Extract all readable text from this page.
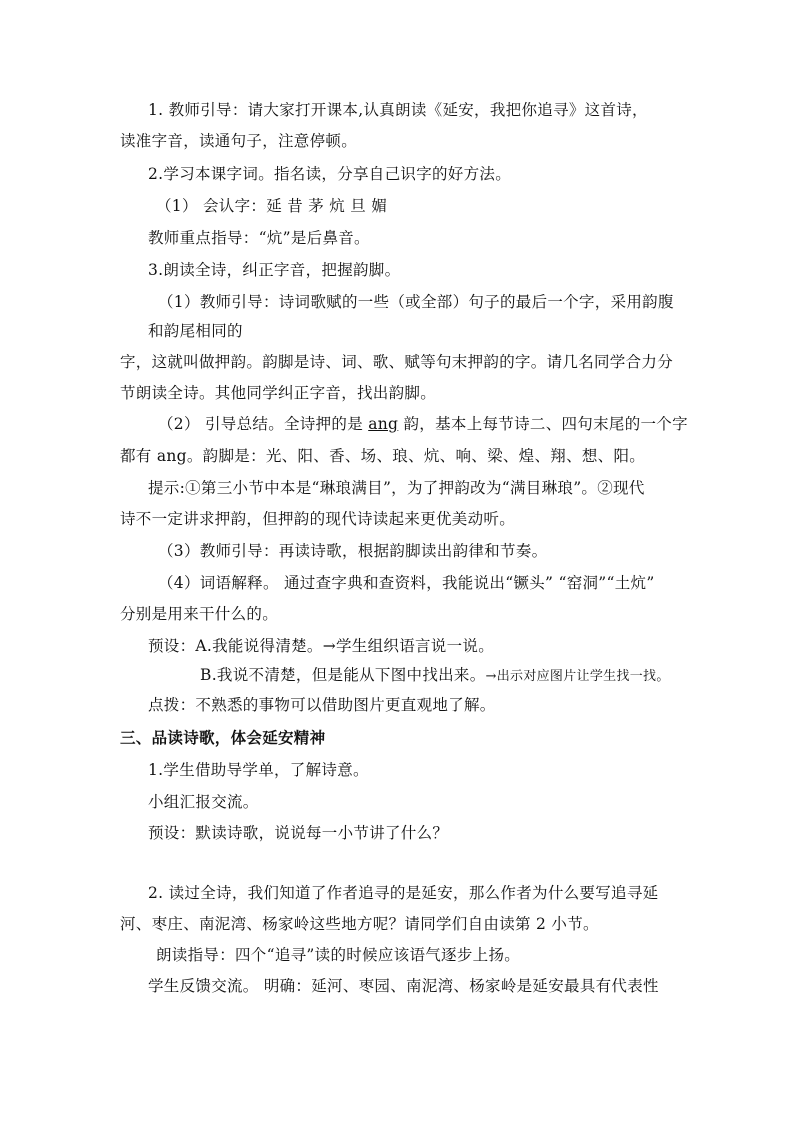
1. 教师引导：请大家打开课本,认真朗读《延安，我把你追寻》这首诗，
读准字音，读通句子，注意停顿。
2.学习本课字词。指名读，分享自己识字的好方法。
（1） 会认字：延 昔 茅 炕 旦 媚
教师重点指导：“炕”是后鼻音。
3.朗读全诗，纠正字音，把握韵脚。
（1）教师引导：诗词歌赋的一些（或全部）句子的最后一个字，采用韵腹
和韵尾相同的
字，这就叫做押韵。韵脚是诗、词、歌、赋等句末押韵的字。请几名同学合力分
节朗读全诗。其他同学纠正字音，找出韵脚。
（2） 引导总结。全诗押的是 ang 韵，基本上每节诗二、四句末尾的一个字
都有 ang。韵脚是：光、阳、香、场、琅、炕、响、梁、煌、翔、想、阳。
提示:①第三小节中本是“琳琅满目”，为了押韵改为“满目琳琅”。②现代
诗不一定讲求押韵，但押韵的现代诗读起来更优美动听。
（3）教师引导：再读诗歌，根据韵脚读出韵律和节奏。
（4）词语解释。 通过查字典和查资料，我能说出“镢头” “窑洞”“土炕”
分别是用来干什么的。
预设：A.我能说得清楚。→学生组织语言说一说。
B.我说不清楚，但是能从下图中找出来。→出示对应图片让学生找一找。
点拨：不熟悉的事物可以借助图片更直观地了解。
三、品读诗歌，体会延安精神
1.学生借助导学单，了解诗意。
小组汇报交流。
预设：默读诗歌，说说每一小节讲了什么？
2. 读过全诗，我们知道了作者追寻的是延安，那么作者为什么要写追寻延
河、枣庄、南泥湾、杨家岭这些地方呢？请同学们自由读第 2 小节。
朗读指导：四个“追寻”读的时候应该语气逐步上扬。
学生反馈交流。 明确：延河、枣园、南泥湾、杨家岭是延安最具有代表性
